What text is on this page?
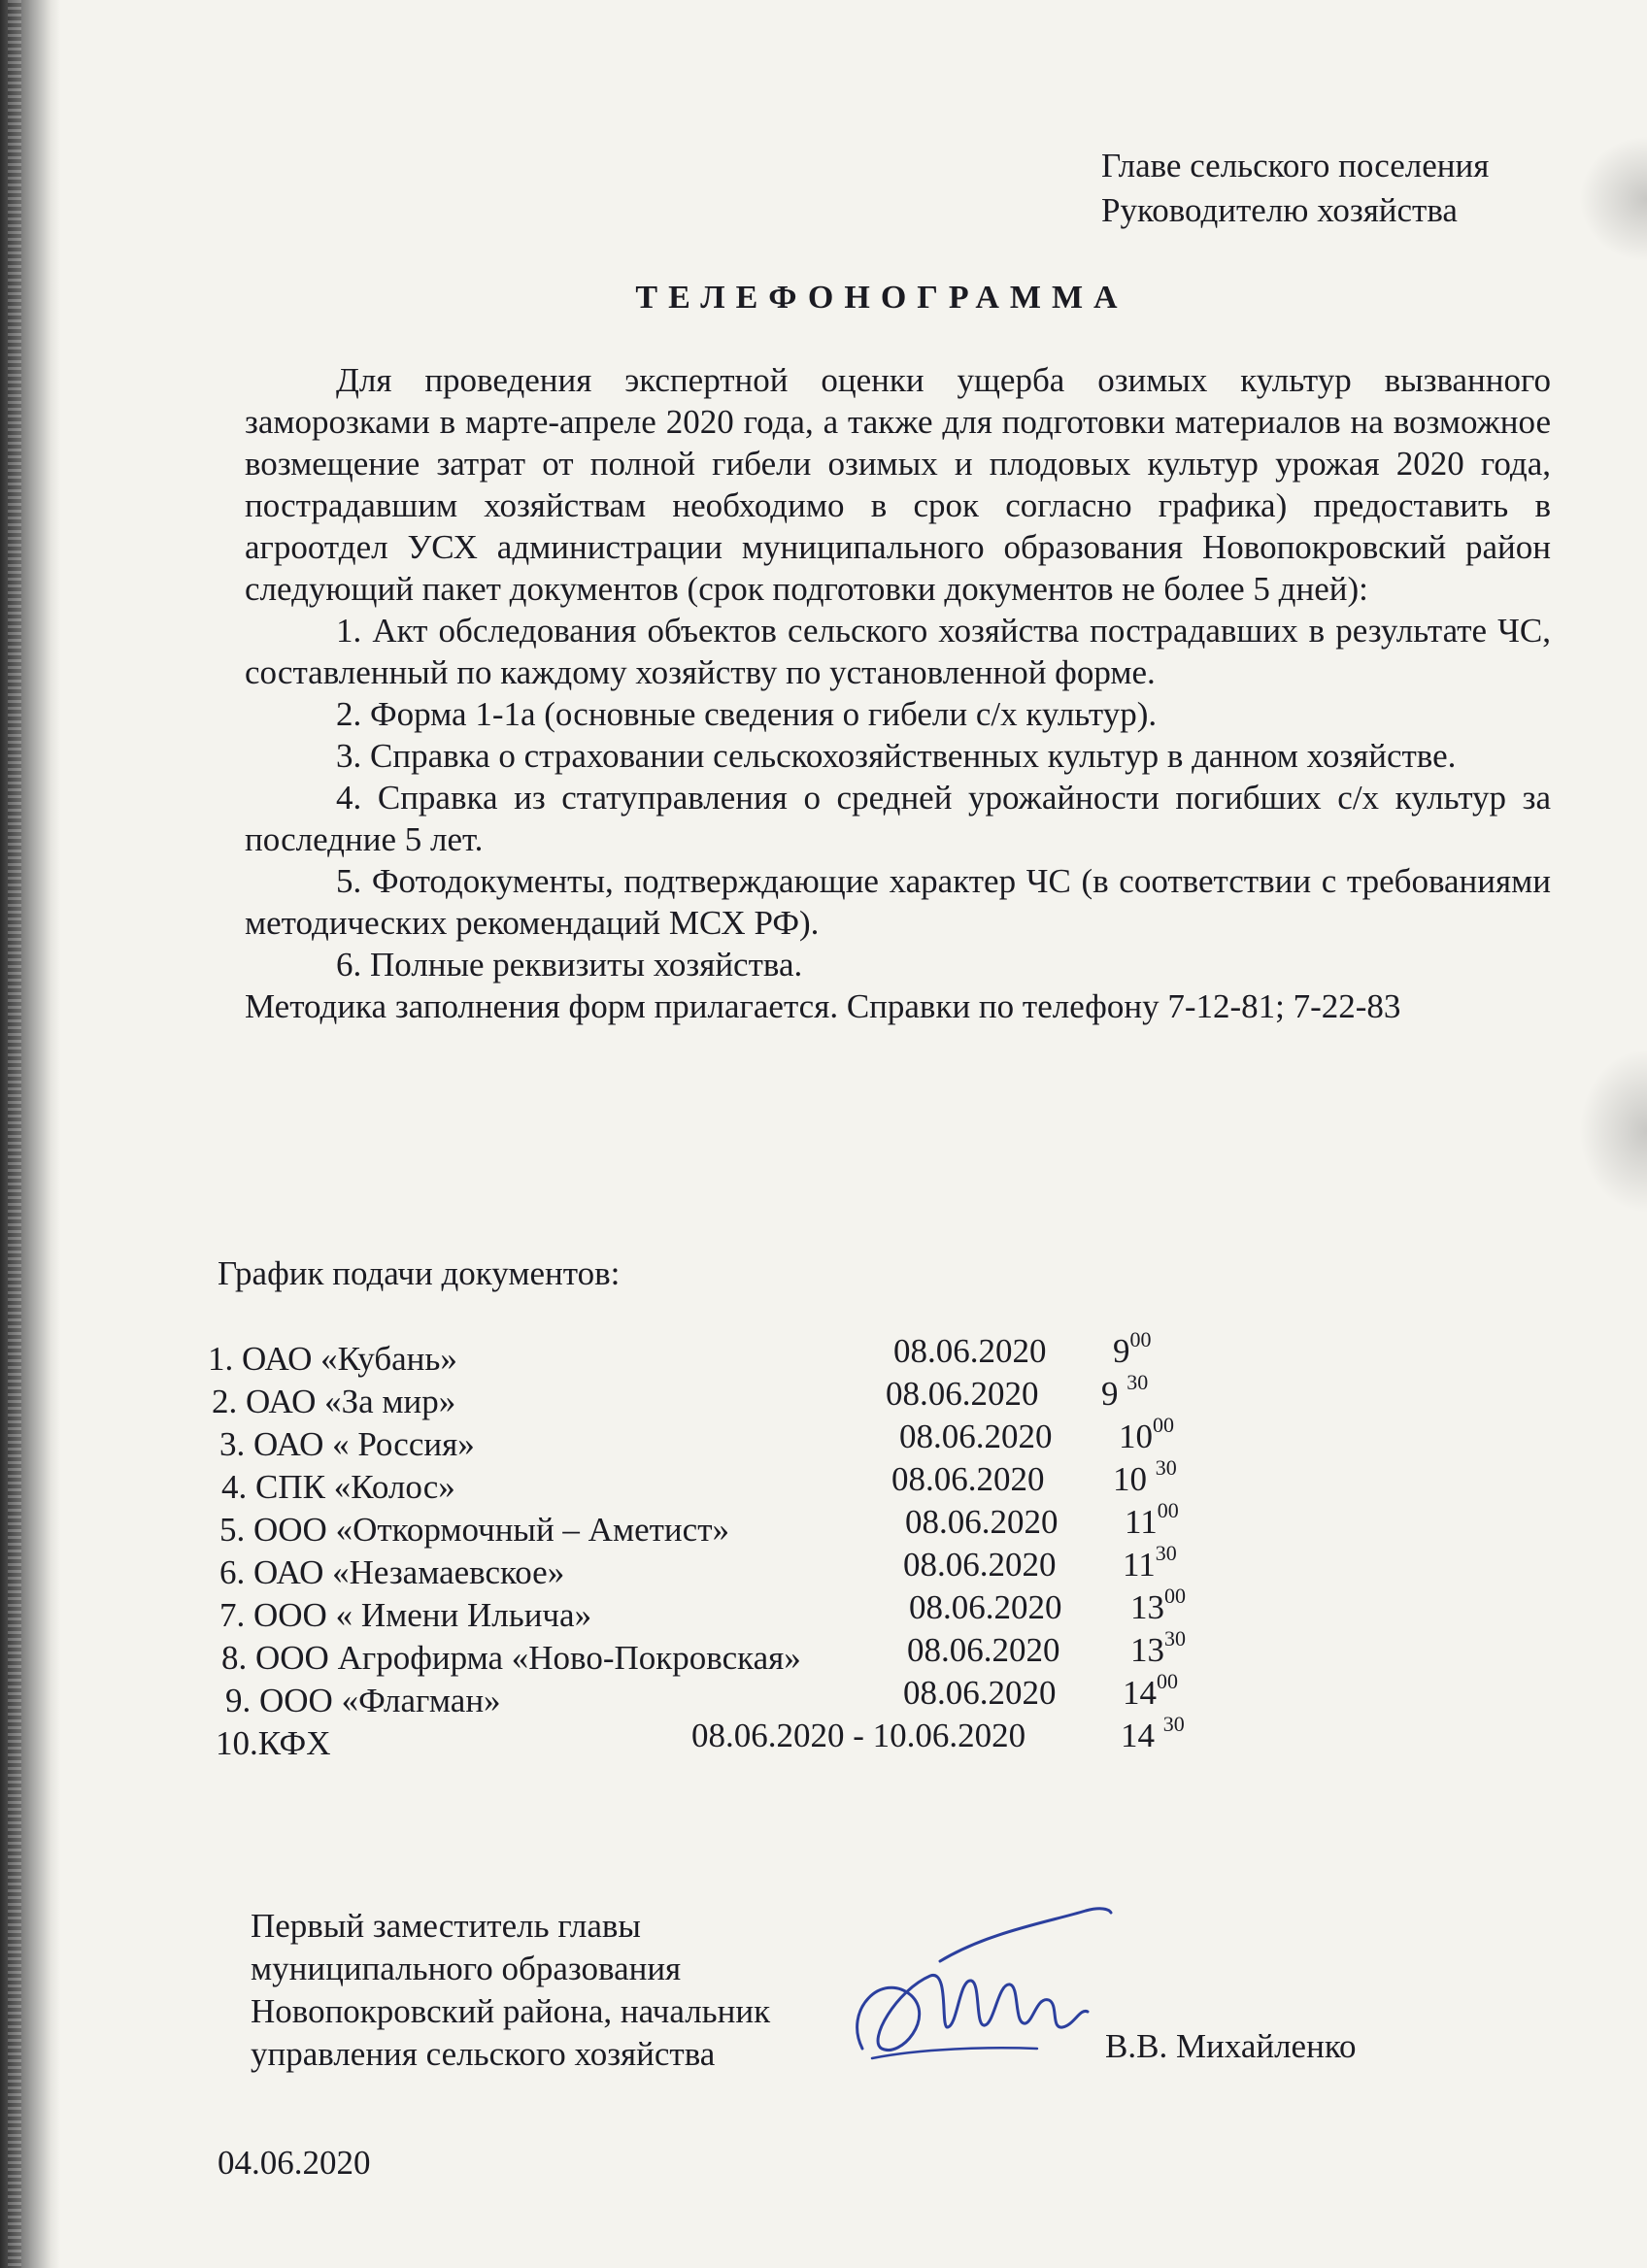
Главе сельского поселения
Руководителю хозяйства
ТЕЛЕФОНОГРАММА

Для проведения экспертной оценки ущерба озимых культур вызванного заморозками в марте-апреле 2020 года, а также для подготовки материалов на возможное возмещение затрат от полной гибели озимых и плодовых культур урожая 2020 года, пострадавшим хозяйствам необходимо в срок согласно графика) предоставить в агроотдел УСХ администрации муниципального образования Новопокровский район следующий пакет документов (срок подготовки документов не более 5 дней):

1. Акт обследования объектов сельского хозяйства пострадавших в результате ЧС, составленный по каждому хозяйству по установленной форме.

2. Форма 1-1а (основные сведения о гибели с/х культур).

3. Справка о страховании сельскохозяйственных культур в данном хозяйстве.

4. Справка из статуправления о средней урожайности погибших с/х культур за последние 5 лет.

5. Фотодокументы, подтверждающие характер ЧС (в соответствии с требованиями методических рекомендаций МСХ РФ).

6. Полные реквизиты хозяйства.

Методика заполнения форм прилагается. Справки по телефону 7-12-81; 7-22-83

График подачи документов:
1. ОАО «Кубань»	08.06.2020 $9^{00}$
2. ОАО «За мир»	08.06.2020 9 $^{30}$
3. ОАО « Россия»	08.06.2020 $10^{00}$
4. СПК «Колос»	08.06.2020 10 $^{30}$
5. ООО «Откормочный – Аметист»	08.06.2020 $11^{00}$
6. ОАО «Незамаевское»	08.06.2020 $11^{30}$
7. ООО « Имени Ильича»	08.06.2020 $13^{00}$
8. ООО Агрофирма «Ново-Покровская»	08.06.2020 $13^{30}$
9. ООО «Флагман»	08.06.2020 $14^{00}$
10.КФХ	08.06.2020 - 10.06.2020	14 $^{30}$
Первый заместитель главы
муниципального образования
Новопокровский района, начальник
управления сельского хозяйства	В.В. Михайленко
04.06.2020
